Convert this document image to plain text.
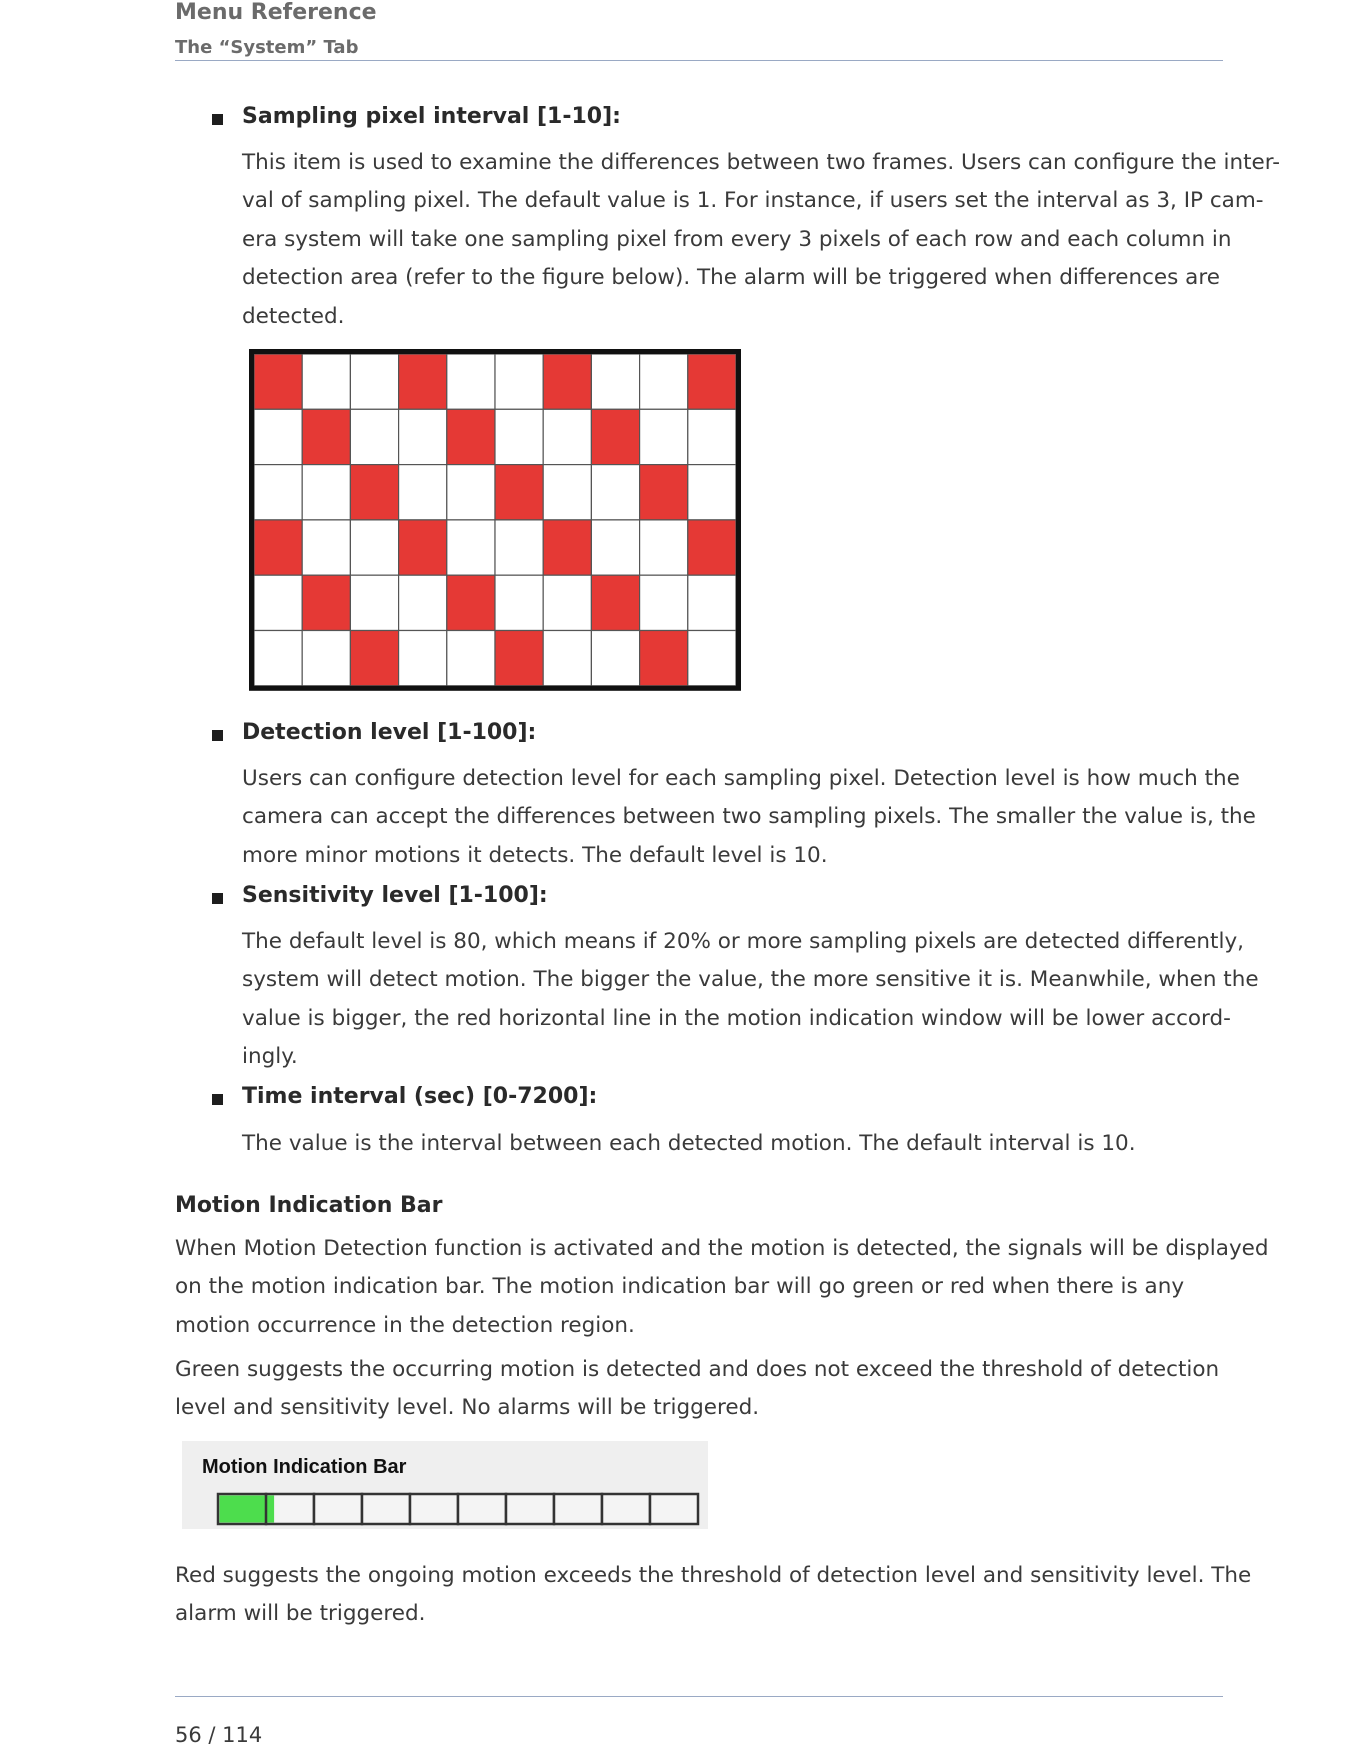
Menu Reference
The “System” Tab
Sampling pixel interval [1-10]:
This item is used to examine the differences between two frames. Users can configure the inter-
val of sampling pixel. The default value is 1. For instance, if users set the interval as 3, IP cam-
era system will take one sampling pixel from every 3 pixels of each row and each column in
detection area (refer to the figure below). The alarm will be triggered when differences are
detected.
Detection level [1-100]:
Users can configure detection level for each sampling pixel. Detection level is how much the
camera can accept the differences between two sampling pixels. The smaller the value is, the
more minor motions it detects. The default level is 10.
Sensitivity level [1-100]:
The default level is 80, which means if 20% or more sampling pixels are detected differently,
system will detect motion. The bigger the value, the more sensitive it is. Meanwhile, when the
value is bigger, the red horizontal line in the motion indication window will be lower accord-
ingly.
Time interval (sec) [0-7200]:
The value is the interval between each detected motion. The default interval is 10.
Motion Indication Bar
When Motion Detection function is activated and the motion is detected, the signals will be displayed
on the motion indication bar. The motion indication bar will go green or red when there is any
motion occurrence in the detection region.
Green suggests the occurring motion is detected and does not exceed the threshold of detection
level and sensitivity level. No alarms will be triggered.
Motion Indication Bar
Red suggests the ongoing motion exceeds the threshold of detection level and sensitivity level. The
alarm will be triggered.
56 / 114
